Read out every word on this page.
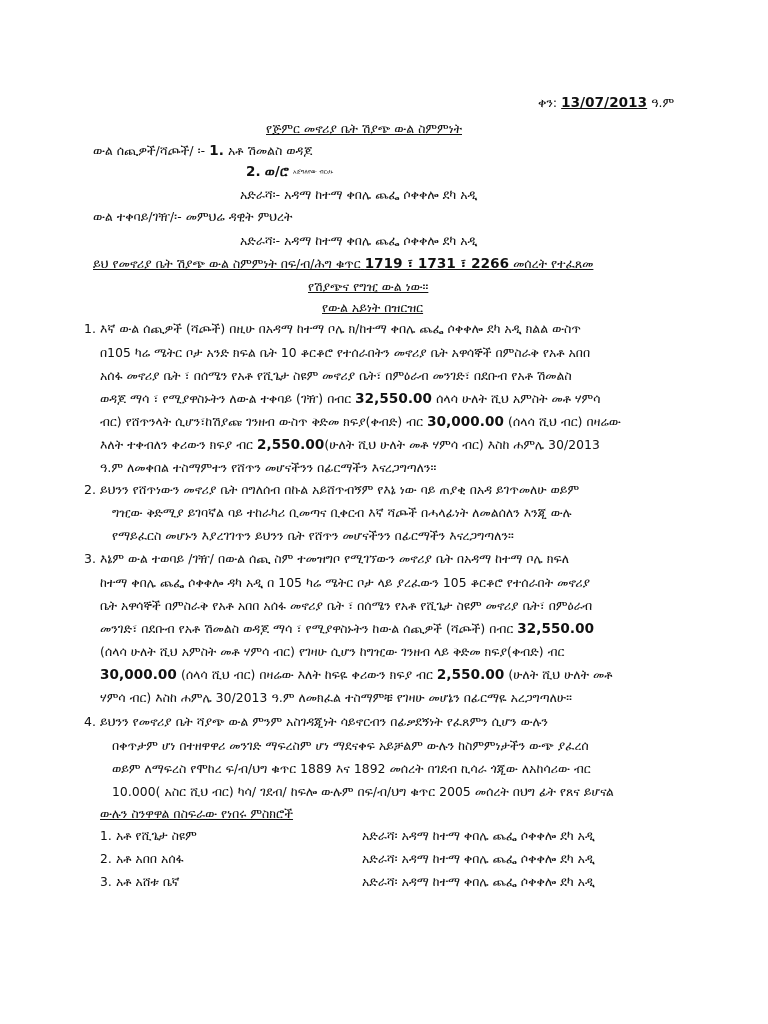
ቀን: 13/07/2013 ዓ.ም
የጅምር መኖሪያ ቤት ሽያጭ ውል ስምምነት
ውል ሰጪዎች/ሻጮች/ ፡- 1. አቶ ሽመልስ ወዳጆ
2. ወ/ሮ አጀግለየው ብርሀኑ
አድራሻ፡- አዳማ ከተማ ቀበሌ ጨፌ ሶቀቀሎ ደካ አዲ
ውል ተቀባይ/ገዥ/፡- መምህሬ ዳዊት ምህረት
አድራሻ፡- አዳማ ከተማ ቀበሌ ጨፌ ሶቀቀሎ ደካ አዲ
ይህ የመኖሪያ ቤት ሽያጭ ውል ስምምነት በፍ/ብ/ሕግ ቁጥር 1719 ፣ 1731 ፣ 2266 መሰረት የተፈጸመ
የሽያጭና የግዢ ውል ነው።
የውል አይነት በዝርዝር
1. እኛ ውል ሰጪዎች (ሻጮች) በዚሁ በአዳማ ከተማ ቦሌ ክ/ከተማ ቀበሌ ጨፌ ሶቀቀሎ ደካ አዲ ክልል ውስጥ
በ105 ካሬ ሜትር ቦታ አንድ ክፍል ቤት 10 ቆርቆሮ የተሰራበትን መኖሪያ ቤት አዋሳኞች በምስራቅ የአቶ አበበ
አሰፋ መኖሪያ ቤት ፣ በሰሜን የአቶ የሺጌታ ስዩም መኖሪያ ቤት፣ በምዕራብ መንገድ፣ በደቡብ የአቶ ሽመልስ
ወዳጆ ማሳ ፣ የሚያዋስኑትን ለውል ተቀባይ (ገዥ) በብር 32,550.00 ሰላሳ ሁለት ሺህ አምስት መቶ ሃምሳ
ብር) የሸጥንላት ሲሆን፣ከሽያጩ ገንዘብ ውስጥ ቅድመ ክፍያ(ቀብድ) ብር 30,000.00 (ሰላሳ ሺህ ብር) በዛሬው
እለት ተቀብለን ቀሪውን ክፍያ ብር 2,550.00(ሁለት ሺህ ሁለት መቶ ሃምሳ ብር) እስከ ሐምሌ 30/2013
ዓ.ም ለመቀበል ተስማምተን የሸጥን መሆናችንን በፊርማችን እናረጋግጣለን።
2. ይህንን የሸጥነውን መኖሪያ ቤት በግለሰብ በኩል አይሸጥብኝም የእኔ ነው ባይ ጠያቂ በአዳ ይገጥመለሁ ወይም
ግዢው ቅድሚያ ይገባኛል ባይ ተከራካሪ ቢመጣና ቢቀርብ እኛ ሻጮች በሓላፊነት ለመልሰለን እንጂ ውሉ
የማይፈርስ መሆኑን እያረገገጥን ይህንን ቤት የሸጥን መሆናችንን በፊርማችን እናረጋግጣለን።
3. እኔም ውል ተወባይ /ገዥ/ በውል ሰጪ ስም ተመዝግቦ የሚገኘውን መኖሪያ ቤት በአዳማ ከተማ ቦሌ ክፍለ
ከተማ ቀበሌ ጨፌ ሶቀቀሎ ዳካ አዲ በ 105 ካሬ ሜትር ቦታ ላይ ያረፈውን 105 ቆርቆሮ የተሰራበት መኖሪያ
ቤት አዋሳኞች በምስራቅ የአቶ አበበ አሰፋ መኖሪያ ቤት ፣ በሰሜን የአቶ የሺጌታ ስዩም መኖሪያ ቤት፣ በምዕራብ
መንገድ፣ በደቡብ የአቶ ሽመልስ ወዳጆ ማሳ ፣ የሚያዋስኑትን ከውል ሰጪዎች (ሻጮች) በብር 32,550.00
(ሰላሳ ሁለት ሺህ አምስት መቶ ሃምሳ ብር) የገዛሁ ሲሆን ከግዢው ገንዘብ ላይ ቅድመ ክፍያ(ቀብድ) ብር
30,000.00 (ሰላሳ ሺህ ብር) በዛሬው እለት ከፍዬ ቀሪውን ክፍያ ብር 2,550.00 (ሁለት ሺህ ሁለት መቶ
ሃምሳ ብር) እስከ ሐምሌ 30/2013 ዓ.ም ለመክፈል ተስማምቹ የገዛሁ መሆኔን በፊርማዬ አረጋግጣለሁ።
4. ይህንን የመኖሪያ ቤት ሻያጭ ውል ምንም አስገዳጂነት ሳይኖርብን በፊቃደኝነት የፈጸምን ሲሆን ውሉን
በቀጥታም ሆነ በተዘዋዋሪ መንገድ ማፍረስም ሆነ ማደናቀፍ አይቻልም ውሉን ከስምምነታችን ውጭ ያፈረሰ
ወይም ለማፍረስ የሞከረ ፍ/ብ/ህግ ቁጥር 1889 እና 1892 መሰረት በገደብ ኪሳራ ጎጂው ለአከሳሪው ብር
10.000( አስር ሺህ ብር) ካሳ/ ገደብ/ ከፍሎ ውሉም በፍ/ብ/ህግ ቁጥር 2005 መሰረት በህግ ፊት የጸና ይሆናል
ውሉን ስንዋዋል በስፍራው የነበሩ ምስክሮች
1. አቶ የሺጌታ ስዩም	አድራሻ፡ አዳማ ከተማ ቀበሌ ጨፌ ሶቀቀሎ ደካ አዲ
2. አቶ አበበ አሰፋ	አድራሻ፡ አዳማ ከተማ ቀበሌ ጨፌ ሶቀቀሎ ደካ አዲ
3. አቶ አሸቱ ቤኛ	አድራሻ፡ አዳማ ከተማ ቀበሌ ጨፌ ሶቀቀሎ ደካ አዲ
